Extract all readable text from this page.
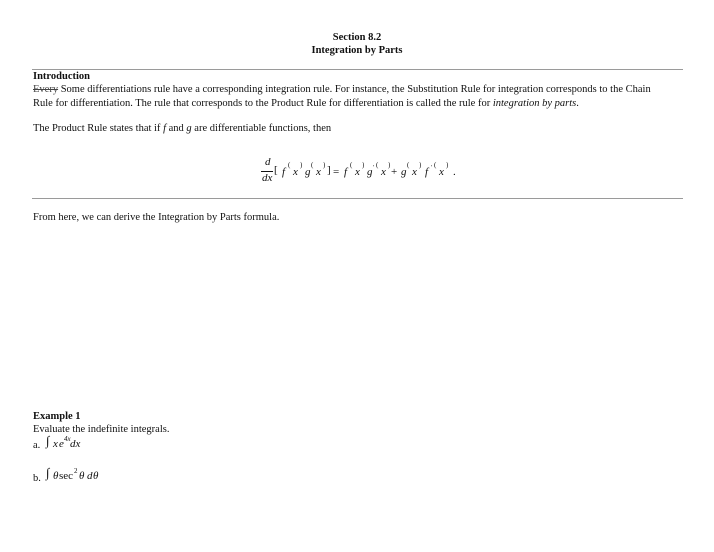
Section 8.2
Integration by Parts
Introduction
Every Some differentiations rule have a corresponding integration rule. For instance, the Substitution Rule for integration corresponds to the Chain
Rule for differentiation. The rule that corresponds to the Product Rule for differentiation is called the rule for integration by parts.
The Product Rule states that if f and g are differentiable functions, then
d
dx
[ f
(
x
)
g
(
x
) ] = f
(
x
)
g ′ (
x
)
+ g
(
x
)
f ′ (
x
)
.
From here, we can derive the Integration by Parts formula.
Example 1
Evaluate the indefinite integrals.
a. ∫ x e 4x dx
b. ∫ θ sec 2 θ d θ
